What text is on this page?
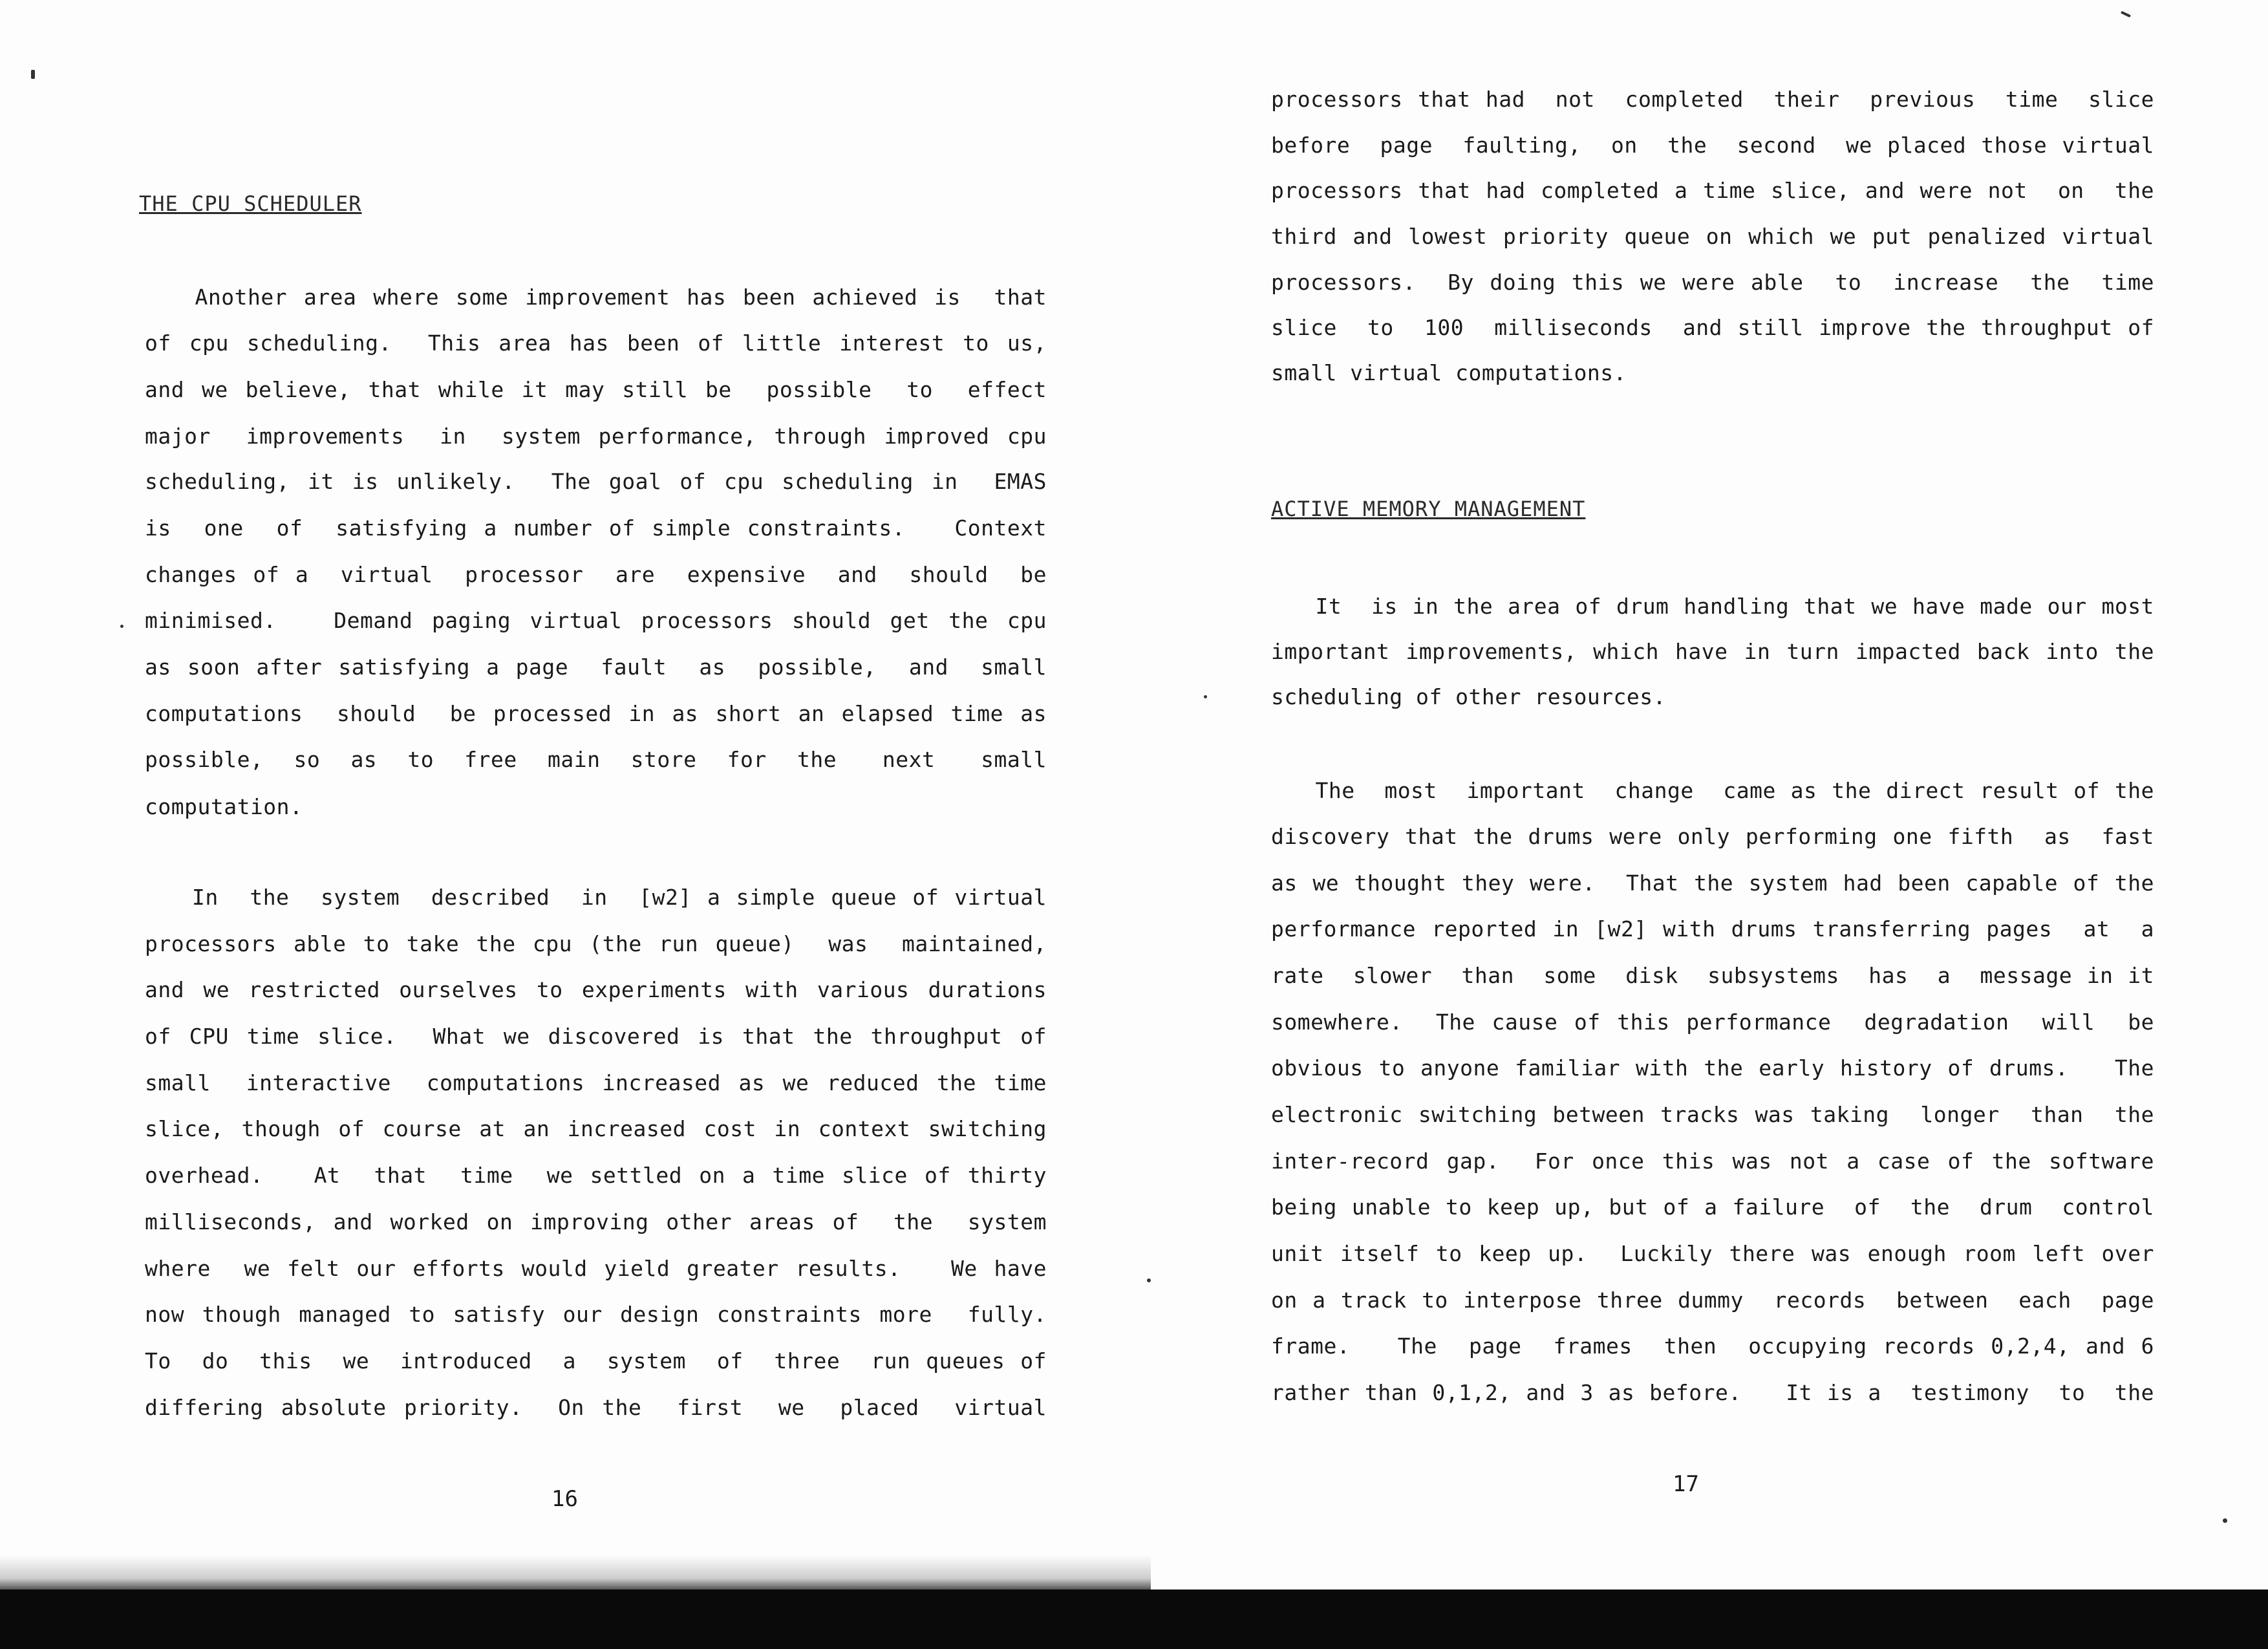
THE CPU SCHEDULER
Another area where some improvement has been achieved is  that
of cpu scheduling.  This area has been of little interest to us,
and we believe, that while it may still be  possible  to  effect
major  improvements  in  system performance, through improved cpu
scheduling, it is unlikely.  The goal of cpu scheduling in  EMAS
is  one  of  satisfying a number of simple constraints.   Context
changes of a  virtual  processor  are  expensive  and  should  be
minimised.   Demand paging virtual processors should get the cpu
as soon after satisfying a page  fault  as  possible,  and  small
computations  should  be processed in as short an elapsed time as
possible,  so  as  to  free  main  store  for  the   next   small
computation.
In  the  system  described  in  [w2] a simple queue of virtual
processors able to take the cpu (the run queue)  was  maintained,
and we restricted ourselves to experiments with various durations
of CPU time slice.  What we discovered is that the throughput of
small  interactive  computations increased as we reduced the time
slice, though of course at an increased cost in context switching
overhead.   At  that  time  we settled on a time slice of thirty
milliseconds, and worked on improving other areas of  the  system
where  we felt our efforts would yield greater results.   We have
now though managed to satisfy our design constraints more  fully.
To  do  this  we  introduced  a  system  of  three  run queues of
differing absolute priority.  On the  first  we  placed  virtual
16
processors that had  not  completed  their  previous  time  slice
before  page  faulting,  on  the  second  we placed those virtual
processors that had completed a time slice, and were not  on  the
third and lowest priority queue on which we put penalized virtual
processors.  By doing this we were able  to  increase  the  time
slice  to  100  milliseconds  and still improve the throughput of
small virtual computations.
ACTIVE MEMORY MANAGEMENT
It  is in the area of drum handling that we have made our most
important improvements, which have in turn impacted back into the
scheduling of other resources.
The  most  important  change  came as the direct result of the
discovery that the drums were only performing one fifth  as  fast
as we thought they were.  That the system had been capable of the
performance reported in [w2] with drums transferring pages  at  a
rate  slower  than  some  disk  subsystems  has  a  message in it
somewhere.  The cause of this performance  degradation  will  be
obvious to anyone familiar with the early history of drums.   The
electronic switching between tracks was taking  longer  than  the
inter-record gap.  For once this was not a case of the software
being unable to keep up, but of a failure  of  the  drum  control
unit itself to keep up.  Luckily there was enough room left over
on a track to interpose three dummy  records  between  each  page
frame.   The  page  frames  then  occupying records 0,2,4, and 6
rather than 0,1,2, and 3 as before.   It is a  testimony  to  the
17
